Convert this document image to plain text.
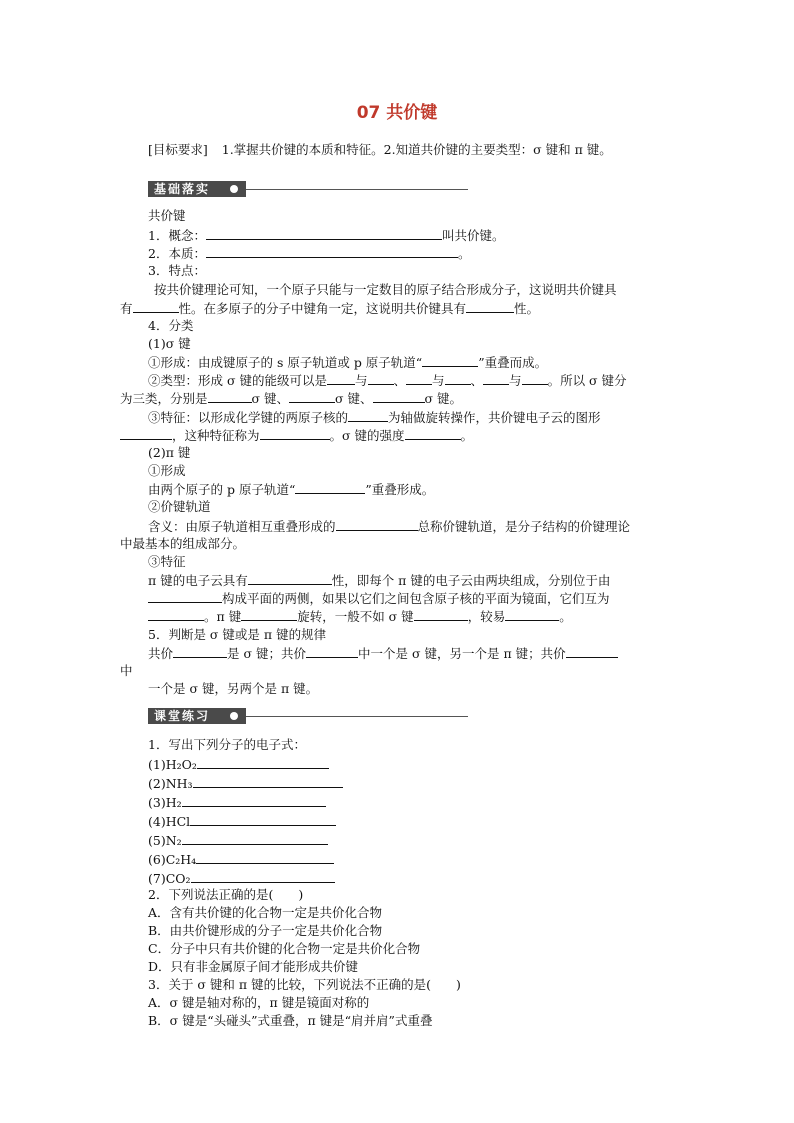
07 共价键
[目标要求] 1.掌握共价键的本质和特征。2.知道共价键的主要类型：σ 键和 π 键。
基础落实
共价键
1．概念：	叫共价键。
2．本质：	。
3．特点：
按共价键理论可知，一个原子只能与一定数目的原子结合形成分子，这说明共价键具
有	性。在多原子的分子中键角一定，这说明共价键具有	性。
4．分类
(1)σ 键
①形成：由成键原子的 s 原子轨道或 p 原子轨道“	”重叠而成。
②类型：形成 σ 键的能级可以是 与 、 与 、 与 。所以 σ 键分
为三类，分别是	σ 键、	σ 键、	σ 键。
③特征：以形成化学键的两原子核的	为轴做旋转操作，共价键电子云的图形
，这种特征称为	。σ 键的强度	。
(2)π 键
①形成
由两个原子的 p 原子轨道“	”重叠形成。
②价键轨道
含义：由原子轨道相互重叠形成的	总称价键轨道，是分子结构的价键理论
中最基本的组成部分。
③特征
π 键的电子云具有	性，即每个 π 键的电子云由两块组成，分别位于由
构成平面的两侧，如果以它们之间包含原子核的平面为镜面，它们互为
。π 键	旋转，一般不如 σ 键	，较易	。
5．判断是 σ 键或是 π 键的规律
共价	是 σ 键；共价	中一个是 σ 键，另一个是 π 键；共价
中
一个是 σ 键，另两个是 π 键。
课堂练习
1．写出下列分子的电子式：
(1)H₂O₂
(2)NH₃
(3)H₂
(4)HCl
(5)N₂
(6)C₂H₄
(7)CO₂
2．下列说法正确的是(　　)
A．含有共价键的化合物一定是共价化合物
B．由共价键形成的分子一定是共价化合物
C．分子中只有共价键的化合物一定是共价化合物
D．只有非金属原子间才能形成共价键
3．关于 σ 键和 π 键的比较，下列说法不正确的是(　　)
A．σ 键是轴对称的，π 键是镜面对称的
B．σ 键是“头碰头”式重叠，π 键是“肩并肩”式重叠
